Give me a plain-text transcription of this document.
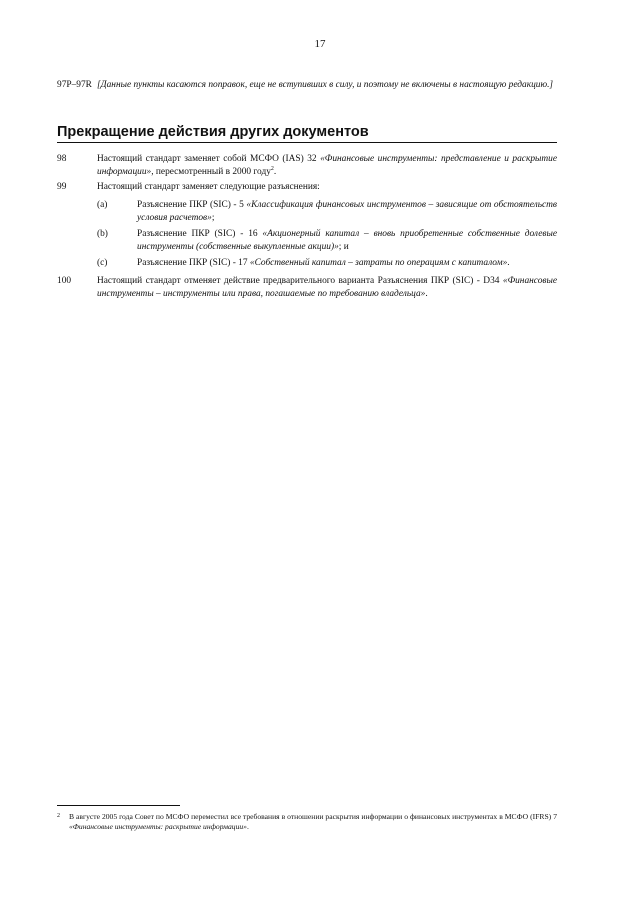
17
97P–97R [Данные пункты касаются поправок, еще не вступивших в силу, и поэтому не включены в настоящую редакцию.]
Прекращение действия других документов
98	Настоящий стандарт заменяет собой МСФО (IAS) 32 «Финансовые инструменты: представление и раскрытие информации», пересмотренный в 2000 году$^2$.
99	Настоящий стандарт заменяет следующие разъяснения:
(а)	Разъяснение ПКР (SIC) - 5 «Классификация финансовых инструментов – зависящие от обстоятельств условия расчетов»;
(b)	Разъяснение ПКР (SIC) - 16 «Акционерный капитал – вновь приобретенные собственные долевые инструменты (собственные выкупленные акции)»; и
(с)	Разъяснение ПКР (SIC) - 17 «Собственный капитал – затраты по операциям с капиталом».
100	Настоящий стандарт отменяет действие предварительного варианта Разъяснения ПКР (SIC) - D34 «Финансовые инструменты – инструменты или права, погашаемые по требованию владельца».
2 В августе 2005 года Совет по МСФО переместил все требования в отношении раскрытия информации о финансовых инструментах в МСФО (IFRS) 7 «Финансовые инструменты: раскрытие информации».
